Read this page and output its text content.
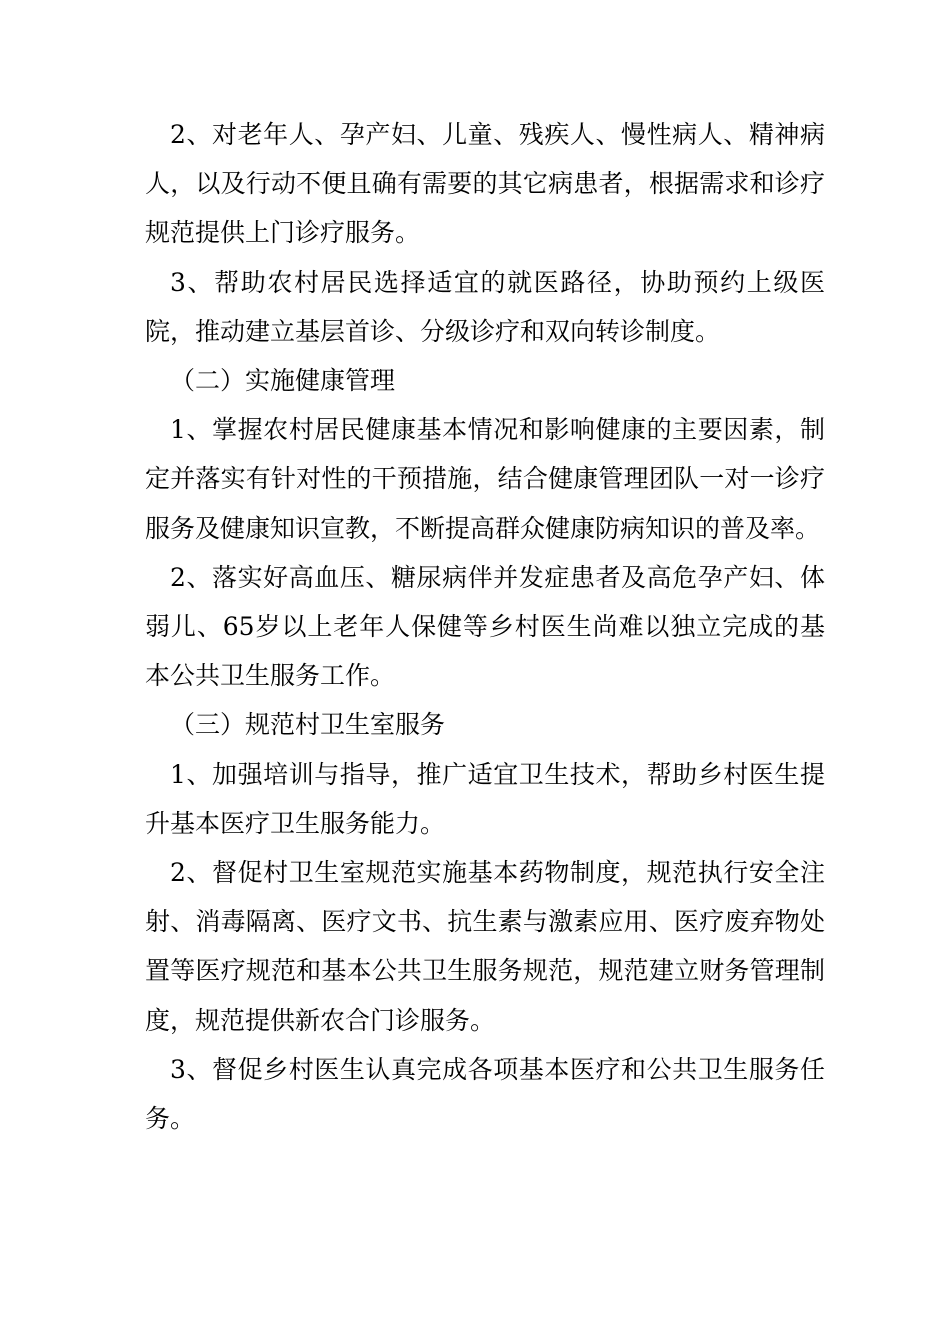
2、对老年人、孕产妇、儿童、残疾人、慢性病人、精神病人，以及行动不便且确有需要的其它病患者，根据需求和诊疗规范提供上门诊疗服务。

3、帮助农村居民选择适宜的就医路径，协助预约上级医院，推动建立基层首诊、分级诊疗和双向转诊制度。

（二）实施健康管理

1、掌握农村居民健康基本情况和影响健康的主要因素，制定并落实有针对性的干预措施，结合健康管理团队一对一诊疗服务及健康知识宣教，不断提高群众健康防病知识的普及率。

2、落实好高血压、糖尿病伴并发症患者及高危孕产妇、体弱儿、65岁以上老年人保健等乡村医生尚难以独立完成的基本公共卫生服务工作。

（三）规范村卫生室服务

1、加强培训与指导，推广适宜卫生技术，帮助乡村医生提升基本医疗卫生服务能力。

2、督促村卫生室规范实施基本药物制度，规范执行安全注射、消毒隔离、医疗文书、抗生素与激素应用、医疗废弃物处置等医疗规范和基本公共卫生服务规范，规范建立财务管理制度，规范提供新农合门诊服务。

3、督促乡村医生认真完成各项基本医疗和公共卫生服务任务。
